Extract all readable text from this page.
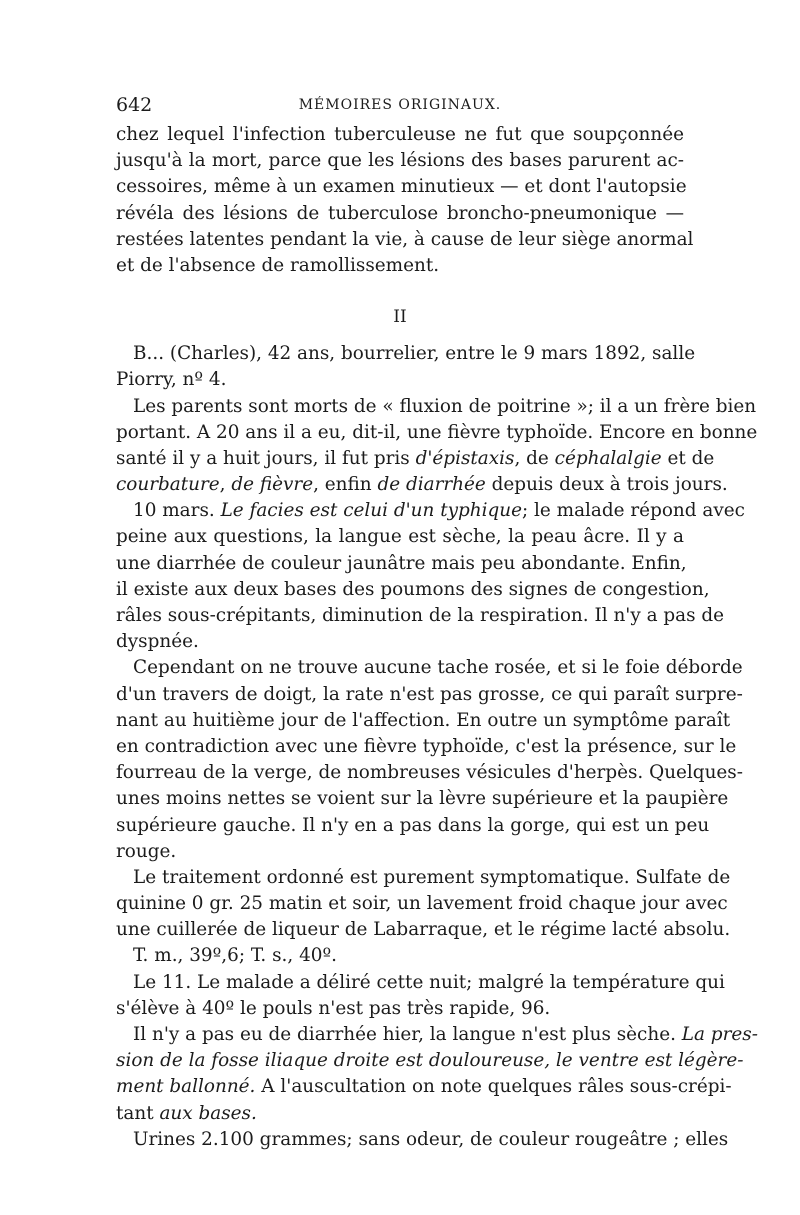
642	MÉMOIRES ORIGINAUX.
chez lequel l'infection tuberculeuse ne fut que soupçonnée
jusqu'à la mort, parce que les lésions des bases parurent ac-
cessoires, même à un examen minutieux — et dont l'autopsie
révéla des lésions de tuberculose broncho-pneumonique —
restées latentes pendant la vie, à cause de leur siège anormal
et de l'absence de ramollissement.
II
B... (Charles), 42 ans, bourrelier, entre le 9 mars 1892, salle
Piorry, nº 4.
Les parents sont morts de « fluxion de poitrine »; il a un frère bien
portant. A 20 ans il a eu, dit-il, une fièvre typhoïde. Encore en bonne
santé il y a huit jours, il fut pris d'épistaxis, de céphalalgie et de
courbature, de fièvre, enfin de diarrhée depuis deux à trois jours.
10 mars. Le facies est celui d'un typhique; le malade répond avec
peine aux questions, la langue est sèche, la peau âcre. Il y a
une diarrhée de couleur jaunâtre mais peu abondante. Enfin,
il existe aux deux bases des poumons des signes de congestion,
râles sous-crépitants, diminution de la respiration. Il n'y a pas de
dyspnée.
Cependant on ne trouve aucune tache rosée, et si le foie déborde
d'un travers de doigt, la rate n'est pas grosse, ce qui paraît surpre-
nant au huitième jour de l'affection. En outre un symptôme paraît
en contradiction avec une fièvre typhoïde, c'est la présence, sur le
fourreau de la verge, de nombreuses vésicules d'herpès. Quelques-
unes moins nettes se voient sur la lèvre supérieure et la paupière
supérieure gauche. Il n'y en a pas dans la gorge, qui est un peu
rouge.
Le traitement ordonné est purement symptomatique. Sulfate de
quinine 0 gr. 25 matin et soir, un lavement froid chaque jour avec
une cuillerée de liqueur de Labarraque, et le régime lacté absolu.
T. m., 39º,6; T. s., 40º.
Le 11. Le malade a déliré cette nuit; malgré la température qui
s'élève à 40º le pouls n'est pas très rapide, 96.
Il n'y a pas eu de diarrhée hier, la langue n'est plus sèche. La pres-
sion de la fosse iliaque droite est douloureuse, le ventre est légère-
ment ballonné. A l'auscultation on note quelques râles sous-crépi-
tant aux bases.
Urines 2.100 grammes; sans odeur, de couleur rougeâtre ; elles
